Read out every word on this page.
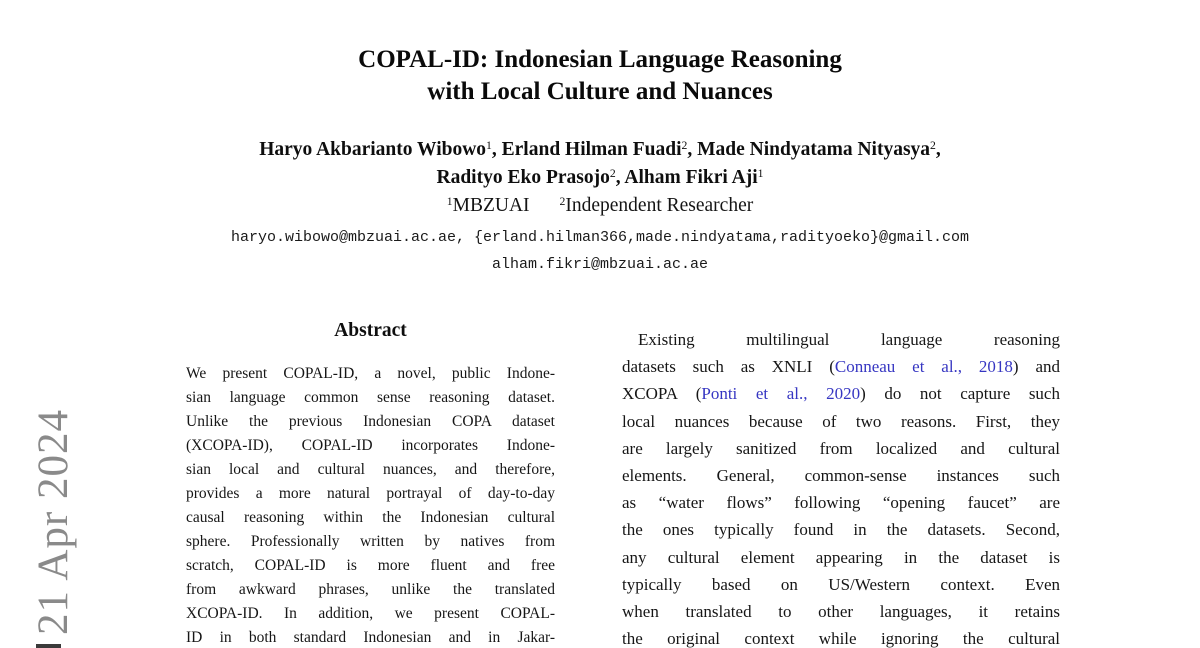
21 Apr 2024
COPAL-ID: Indonesian Language Reasoning
with Local Culture and Nuances
Haryo Akbarianto Wibowo$^1$, Erland Hilman Fuadi$^2$, Made Nindyatama Nityasya$^2$,
Radityo Eko Prasojo$^2$, Alham Fikri Aji$^1$
$^1$MBZUAI	$^2$Independent Researcher
haryo.wibowo@mbzuai.ac.ae, {erland.hilman366,made.nindyatama,radityoeko}@gmail.com
alham.fikri@mbzuai.ac.ae
Abstract
We present COPAL-ID, a novel, public Indone-
sian language common sense reasoning dataset.
Unlike the previous Indonesian COPA dataset
(XCOPA-ID), COPAL-ID incorporates Indone-
sian local and cultural nuances, and therefore,
provides a more natural portrayal of day-to-day
causal reasoning within the Indonesian cultural
sphere. Professionally written by natives from
scratch, COPAL-ID is more fluent and free
from awkward phrases, unlike the translated
XCOPA-ID. In addition, we present COPAL-
ID in both standard Indonesian and in Jakar-
Existing multilingual language reasoning
datasets such as XNLI (Conneau et al., 2018) and
XCOPA (Ponti et al., 2020) do not capture such
local nuances because of two reasons. First, they
are largely sanitized from localized and cultural
elements. General, common-sense instances such
as “water flows” following “opening faucet” are
the ones typically found in the datasets. Second,
any cultural element appearing in the dataset is
typically based on US/Western context. Even
when translated to other languages, it retains
the original context while ignoring the cultural
